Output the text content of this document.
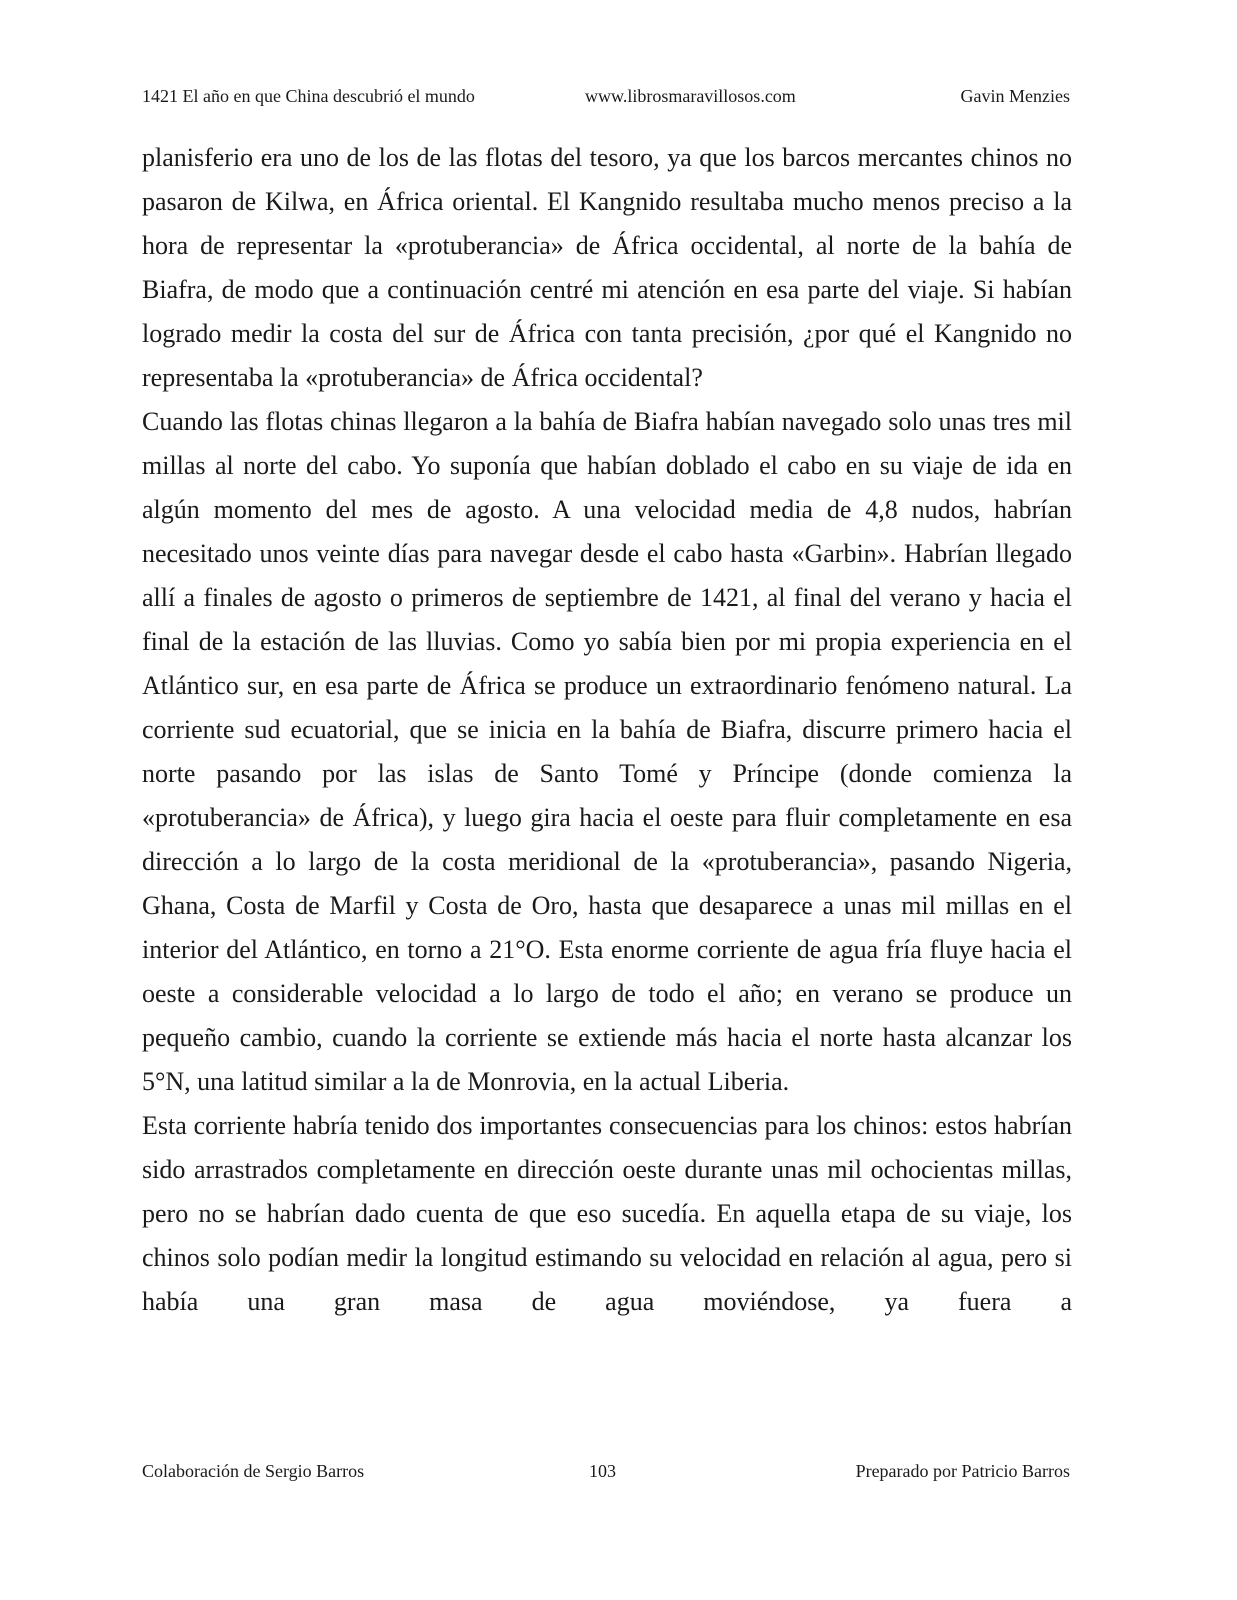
1421 El año en que China descubrió el mundo	www.librosmaravillosos.com	Gavin Menzies

planisferio era uno de los de las flotas del tesoro, ya que los barcos mercantes chinos no pasaron de Kilwa, en África oriental. El Kangnido resultaba mucho menos preciso a la hora de representar la «protuberancia» de África occidental, al norte de la bahía de Biafra, de modo que a continuación centré mi atención en esa parte del viaje. Si habían logrado medir la costa del sur de África con tanta precisión, ¿por qué el Kangnido no representaba la «protuberancia» de África occidental?

Cuando las flotas chinas llegaron a la bahía de Biafra habían navegado solo unas tres mil millas al norte del cabo. Yo suponía que habían doblado el cabo en su viaje de ida en algún momento del mes de agosto. A una velocidad media de 4,8 nudos, habrían necesitado unos veinte días para navegar desde el cabo hasta «Garbin». Habrían llegado allí a finales de agosto o primeros de septiembre de 1421, al final del verano y hacia el final de la estación de las lluvias. Como yo sabía bien por mi propia experiencia en el Atlántico sur, en esa parte de África se produce un extraordinario fenómeno natural. La corriente sud ecuatorial, que se inicia en la bahía de Biafra, discurre primero hacia el norte pasando por las islas de Santo Tomé y Príncipe (donde comienza la «protuberancia» de África), y luego gira hacia el oeste para fluir completamente en esa dirección a lo largo de la costa meridional de la «protuberancia», pasando Nigeria, Ghana, Costa de Marfil y Costa de Oro, hasta que desaparece a unas mil millas en el interior del Atlántico, en torno a 21°O. Esta enorme corriente de agua fría fluye hacia el oeste a considerable velocidad a lo largo de todo el año; en verano se produce un pequeño cambio, cuando la corriente se extiende más hacia el norte hasta alcanzar los 5°N, una latitud similar a la de Monrovia, en la actual Liberia.

Esta corriente habría tenido dos importantes consecuencias para los chinos: estos habrían sido arrastrados completamente en dirección oeste durante unas mil ochocientas millas, pero no se habrían dado cuenta de que eso sucedía. En aquella etapa de su viaje, los chinos solo podían medir la longitud estimando su velocidad en relación al agua, pero si había una gran masa de agua moviéndose, ya fuera a

Colaboración de Sergio Barros	103	Preparado por Patricio Barros
